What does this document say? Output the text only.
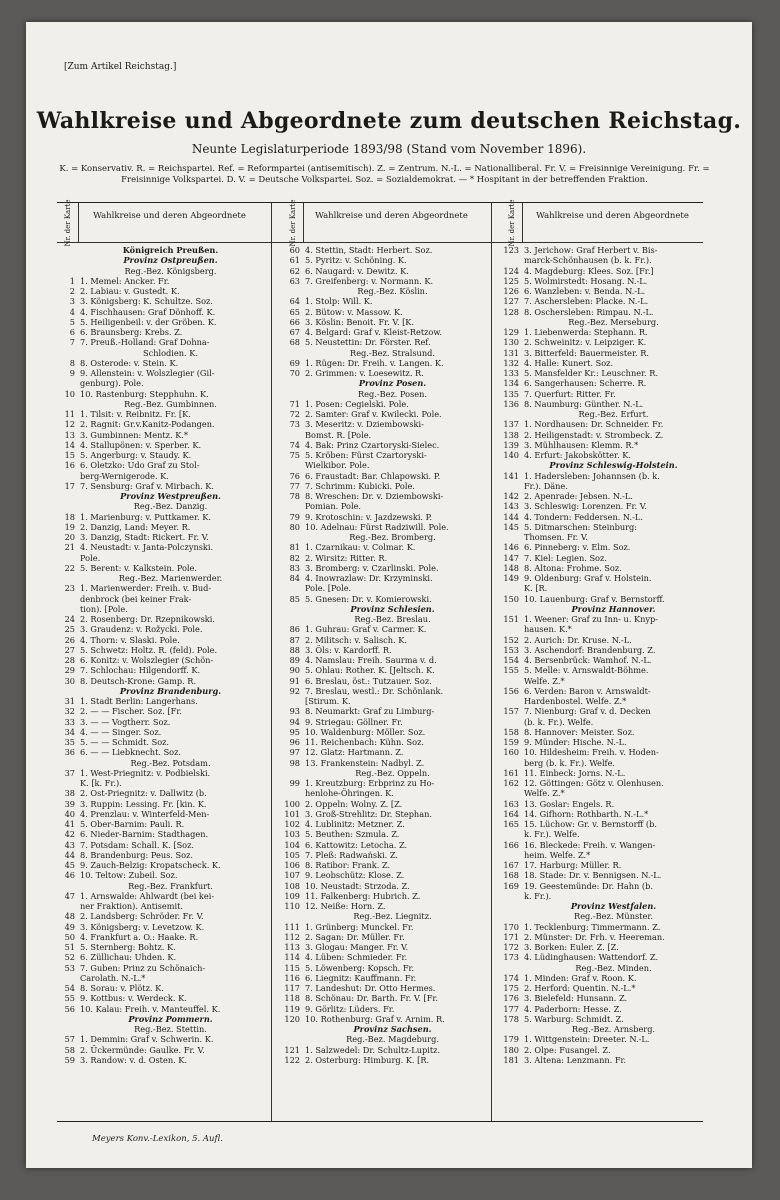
[Zum Artikel Reichstag.]
Wahlkreise und Abgeordnete zum deutschen Reichstag.
Neunte Legislaturperiode 1893/98 (Stand vom November 1896).
K. = Konservativ. R. = Reichspartei. Ref. = Reformpartei (antisemitisch). Z. = Zentrum. N.-L. = Nationalliberal. Fr. V. = Freisinnige Vereinigung. Fr. = Freisinnige Volkspartei. D. V. = Deutsche Volkspartei. Soz. = Sozialdemokrat. — * Hospitant in der betreffenden Fraktion.
Nr. der Karte	Wahlkreise und deren Abgeordnete	Nr. der Karte	Wahlkreise und deren Abgeordnete	Nr. der Karte	Wahlkreise und deren Abgeordnete
Königreich Preußen.
Provinz Ostpreußen.
Reg.-Bez. Königsberg.
1 1. Memel: Ancker. Fr.
2 2. Labiau: v. Gustedt. K.
3 3. Königsberg: K. Schultze. Soz.
4 4. Fischhausen: Graf Dönhoff. K.
5 5. Heiligenbeil: v. der Gröben. K.
6 6. Braunsberg: Krebs. Z.
7 7. Preuß.-Holland: Graf Dohna-
Schlodien. K.
8 8. Osterode: v. Stein. K.
9 9. Allenstein: v. Wolszlegier (Gil-
genburg). Pole.
10 10. Rastenburg: Stepphuhn. K.
Reg.-Bez. Gumbinnen.
11 1. Tilsit: v. Reibnitz. Fr. [K.
12 2. Ragnit: Gr.v.Kanitz-Podangen.
13 3. Gumbinnen: Mentz. K.*
14 4. Stallupönen: v. Sperber. K.
15 5. Angerburg: v. Staudy. K.
16 6. Oletzko: Udo Graf zu Stol-
berg-Wernigerode. K.
17 7. Sensburg: Graf v. Mirbach. K.
Provinz Westpreußen.
Reg.-Bez. Danzig.
18 1. Marienburg: v. Puttkamer. K.
19 2. Danzig, Land: Meyer. R.
20 3. Danzig, Stadt: Rickert. Fr. V.
21 4. Neustadt: v. Janta-Polczynski.
Pole.
22 5. Berent: v. Kalkstein. Pole.
Reg.-Bez. Marienwerder.
23 1. Marienwerder: Freih. v. Bud-
denbrock (bei keiner Frak-
tion). [Pole.
24 2. Rosenberg: Dr. Rzepnikowski.
25 3. Graudenz: v. Rožycki. Pole.
26 4. Thorn: v. Slaski. Pole.
27 5. Schwetz: Holtz. R. (feld). Pole.
28 6. Konitz: v. Wolszlegier (Schön-
29 7. Schlochau: Hilgendorff. K.
30 8. Deutsch-Krone: Gamp. R.
Provinz Brandenburg.
31 1. Stadt Berlin: Langerhans.
32 2. — — Fischer. Soz. [Fr.
33 3. — — Vogtherr. Soz.
34 4. — — Singer. Soz.
35 5. — — Schmidt. Soz.
36 6. — — Liebknecht. Soz.
Reg.-Bez. Potsdam.
37 1. West-Priegnitz: v. Podbielski.
K. [k. Fr.).
38 2. Ost-Priegnitz: v. Dallwitz (b.
39 3. Ruppin: Lessing. Fr. [kin. K.
40 4. Prenzlau: v. Winterfeld-Men-
41 5. Ober-Barnim: Pauli. R.
42 6. Nieder-Barnim: Stadthagen.
43 7. Potsdam: Schall. K. [Soz.
44 8. Brandenburg: Peus. Soz.
45 9. Zauch-Belzig: Kropatscheck. K.
46 10. Teltow: Zubeil. Soz.
Reg.-Bez. Frankfurt.
47 1. Arnswalde: Ahlwardt (bei kei-
ner Fraktion). Antisemit.
48 2. Landsberg: Schröder. Fr. V.
49 3. Königsberg: v. Levetzow. K.
50 4. Frankfurt a. O.: Haake. R.
51 5. Sternberg: Bohtz. K.
52 6. Züllichau: Uhden. K.
53 7. Guben: Prinz zu Schönaich-
Carolath. N.-L.*
54 8. Sorau: v. Plötz. K.
55 9. Kottbus: v. Werdeck. K.
56 10. Kalau: Freih. v. Manteuffel. K.
Provinz Pommern.
Reg.-Bez. Stettin.
57 1. Demmin: Graf v. Schwerin. K.
58 2. Ückermünde: Gaulke. Fr. V.
59 3. Randow: v. d. Osten. K.
60 4. Stettin, Stadt: Herbert. Soz.
61 5. Pyritz: v. Schöning. K.
62 6. Naugard: v. Dewitz. K.
63 7. Greifenberg: v. Normann. K.
Reg.-Bez. Köslin.
64 1. Stolp: Will. K.
65 2. Bütow: v. Massow. K.
66 3. Köslin: Benoit. Fr. V. [K.
67 4. Belgard: Graf v. Kleist-Retzow.
68 5. Neustettin: Dr. Förster. Ref.
Reg.-Bez. Stralsund.
69 1. Rügen: Dr. Freih. v. Langen. K.
70 2. Grimmen: v. Loesewitz. R.
Provinz Posen.
Reg.-Bez. Posen.
71 1. Posen: Cegielski. Pole.
72 2. Samter: Graf v. Kwilecki. Pole.
73 3. Meseritz: v. Dziembowski-
Bomst. R. [Pole.
74 4. Bak: Prinz Czartoryski-Sielec.
75 5. Kröben: Fürst Czartoryski-
Wielkibor. Pole.
76 6. Fraustadt: Bar. Chlapowski. P.
77 7. Schrimm: Kubicki. Pole.
78 8. Wreschen: Dr. v. Dziembowski-
Pomian. Pole.
79 9. Krotoschin: v. Jazdzewski. P.
80 10. Adelnau: Fürst Radziwill. Pole.
Reg.-Bez. Bromberg.
81 1. Czarnikau: v. Colmar. K.
82 2. Wirsitz: Ritter. R.
83 3. Bromberg: v. Czarlinski. Pole.
84 4. Inowrazlaw: Dr. Krzyminski.
Pole. [Pole.
85 5. Gnesen: Dr. v. Komierowski.
Provinz Schlesien.
Reg.-Bez. Breslau.
86 1. Guhrau: Graf v. Carmer. K.
87 2. Militsch: v. Salisch. K.
88 3. Öls: v. Kardorff. R.
89 4. Namslau: Freih. Saurma v. d.
90 5. Ohlau: Rother. K. [Jeltsch. K.
91 6. Breslau, öst.: Tutzauer. Soz.
92 7. Breslau, westl.: Dr. Schönlank.
[Stirum. K.
93 8. Neumarkt: Graf zu Limburg-
94 9. Striegau: Göllner. Fr.
95 10. Waldenburg: Möller. Soz.
96 11. Reichenbach: Kühn. Soz.
97 12. Glatz: Hartmann. Z.
98 13. Frankenstein: Nadbyl. Z.
Reg.-Bez. Oppeln.
99 1. Kreutzburg: Erbprinz zu Ho-
henlohe-Öhringen. K.
100 2. Oppeln: Wolny. Z. [Z.
101 3. Groß-Strehlitz: Dr. Stephan.
102 4. Lublinitz: Metzner. Z.
103 5. Beuthen: Szmula. Z.
104 6. Kattowitz: Letocha. Z.
105 7. Pleß: Radwański. Z.
106 8. Ratibor: Frank. Z.
107 9. Leobschütz: Klose. Z.
108 10. Neustadt: Strzoda. Z.
109 11. Falkenberg: Hubrich. Z.
110 12. Neiße: Horn. Z.
Reg.-Bez. Liegnitz.
111 1. Grünberg: Munckel. Fr.
112 2. Sagan: Dr. Müller. Fr.
113 3. Glogau: Manger. Fr. V.
114 4. Lüben: Schmieder. Fr.
115 5. Löwenberg: Kopsch. Fr.
116 6. Liegnitz: Kauffmann. Fr.
117 7. Landeshut: Dr. Otto Hermes.
118 8. Schönau: Dr. Barth. Fr. V. [Fr.
119 9. Görlitz: Lüders. Fr.
120 10. Rothenburg: Graf v. Arnim. R.
Provinz Sachsen.
Reg.-Bez. Magdeburg.
121 1. Salzwedel: Dr. Schultz-Lupitz.
122 2. Osterburg: Himburg. K. [R.
123 3. Jerichow: Graf Herbert v. Bis-
marck-Schönhausen (b. k. Fr.).
124 4. Magdeburg: Klees. Soz. [Fr.]
125 5. Wolmirstedt: Hosang. N.-L.
126 6. Wanzleben: v. Benda. N.-L.
127 7. Aschersleben: Placke. N.-L.
128 8. Oschersleben: Rimpau. N.-L.
Reg.-Bez. Merseburg.
129 1. Liebenwerda: Stephann. R.
130 2. Schweinitz: v. Leipziger. K.
131 3. Bitterfeld: Bauermeister. R.
132 4. Halle: Kunert. Soz.
133 5. Mansfelder Kr.: Leuschner. R.
134 6. Sangerhausen: Scherre. R.
135 7. Querfurt: Ritter. Fr.
136 8. Naumburg: Günther. N.-L.
Reg.-Bez. Erfurt.
137 1. Nordhausen: Dr. Schneider. Fr.
138 2. Heiligenstadt: v. Strombeck. Z.
139 3. Mühlhausen: Klemm. R.*
140 4. Erfurt: Jakobskötter. K.
Provinz Schleswig-Holstein.
141 1. Hadersleben: Johannsen (b. k.
Fr.). Däne.
142 2. Apenrade: Jebsen. N.-L.
143 3. Schleswig: Lorenzen. Fr. V.
144 4. Tondern: Feddersen. N.-L.
145 5. Ditmarschen: Steinburg:
Thomsen. Fr. V.
146 6. Pinneberg: v. Elm. Soz.
147 7. Kiel: Legien. Soz.
148 8. Altona: Frohme. Soz.
149 9. Oldenburg: Graf v. Holstein.
K. [R.
150 10. Lauenburg: Graf v. Bernstorff.
Provinz Hannover.
151 1. Weener: Graf zu Inn- u. Knyp-
hausen. K.*
152 2. Aurich: Dr. Kruse. N.-L.
153 3. Aschendorf: Brandenburg. Z.
154 4. Bersenbrück: Wamhof. N.-L.
155 5. Melle: v. Arnswaldt-Böhme.
Welfe. Z.*
156 6. Verden: Baron v. Arnswaldt-
Hardenbostel. Welfe. Z.*
157 7. Nienburg: Graf v. d. Decken
(b. k. Fr.). Welfe.
158 8. Hannover: Meister. Soz.
159 9. Münder: Hische. N.-L.
160 10. Hildesheim: Freih. v. Hoden-
berg (b. k. Fr.). Welfe.
161 11. Einbeck: Jorns. N.-L.
162 12. Göttingen: Götz v. Olenhusen.
Welfe. Z.*
163 13. Goslar: Engels. R.
164 14. Gifhorn: Rothbarth. N.-L.*
165 15. Lüchow: Gr. v. Bernstorff (b.
k. Fr.). Welfe.
166 16. Bleckede: Freih. v. Wangen-
heim. Welfe. Z.*
167 17. Harburg: Müller. R.
168 18. Stade: Dr. v. Bennigsen. N.-L.
169 19. Geestemünde: Dr. Hahn (b.
k. Fr.).
Provinz Westfalen.
Reg.-Bez. Münster.
170 1. Tecklenburg: Timmermann. Z.
171 2. Münster: Dr. Frh. v. Heereman.
172 3. Borken: Euler. Z. [Z.
173 4. Lüdinghausen: Wattendorf. Z.
Reg.-Bez. Minden.
174 1. Minden: Graf v. Roon. K.
175 2. Herford: Quentin. N.-L.*
176 3. Bielefeld: Hunsann. Z.
177 4. Paderborn: Hesse. Z.
178 5. Warburg: Schmidt. Z.
Reg.-Bez. Arnsberg.
179 1. Wittgenstein: Dreeter. N.-L.
180 2. Olpe: Fusangel. Z.
181 3. Altena: Lenzmann. Fr.
Meyers Konv.-Lexikon, 5. Aufl.
